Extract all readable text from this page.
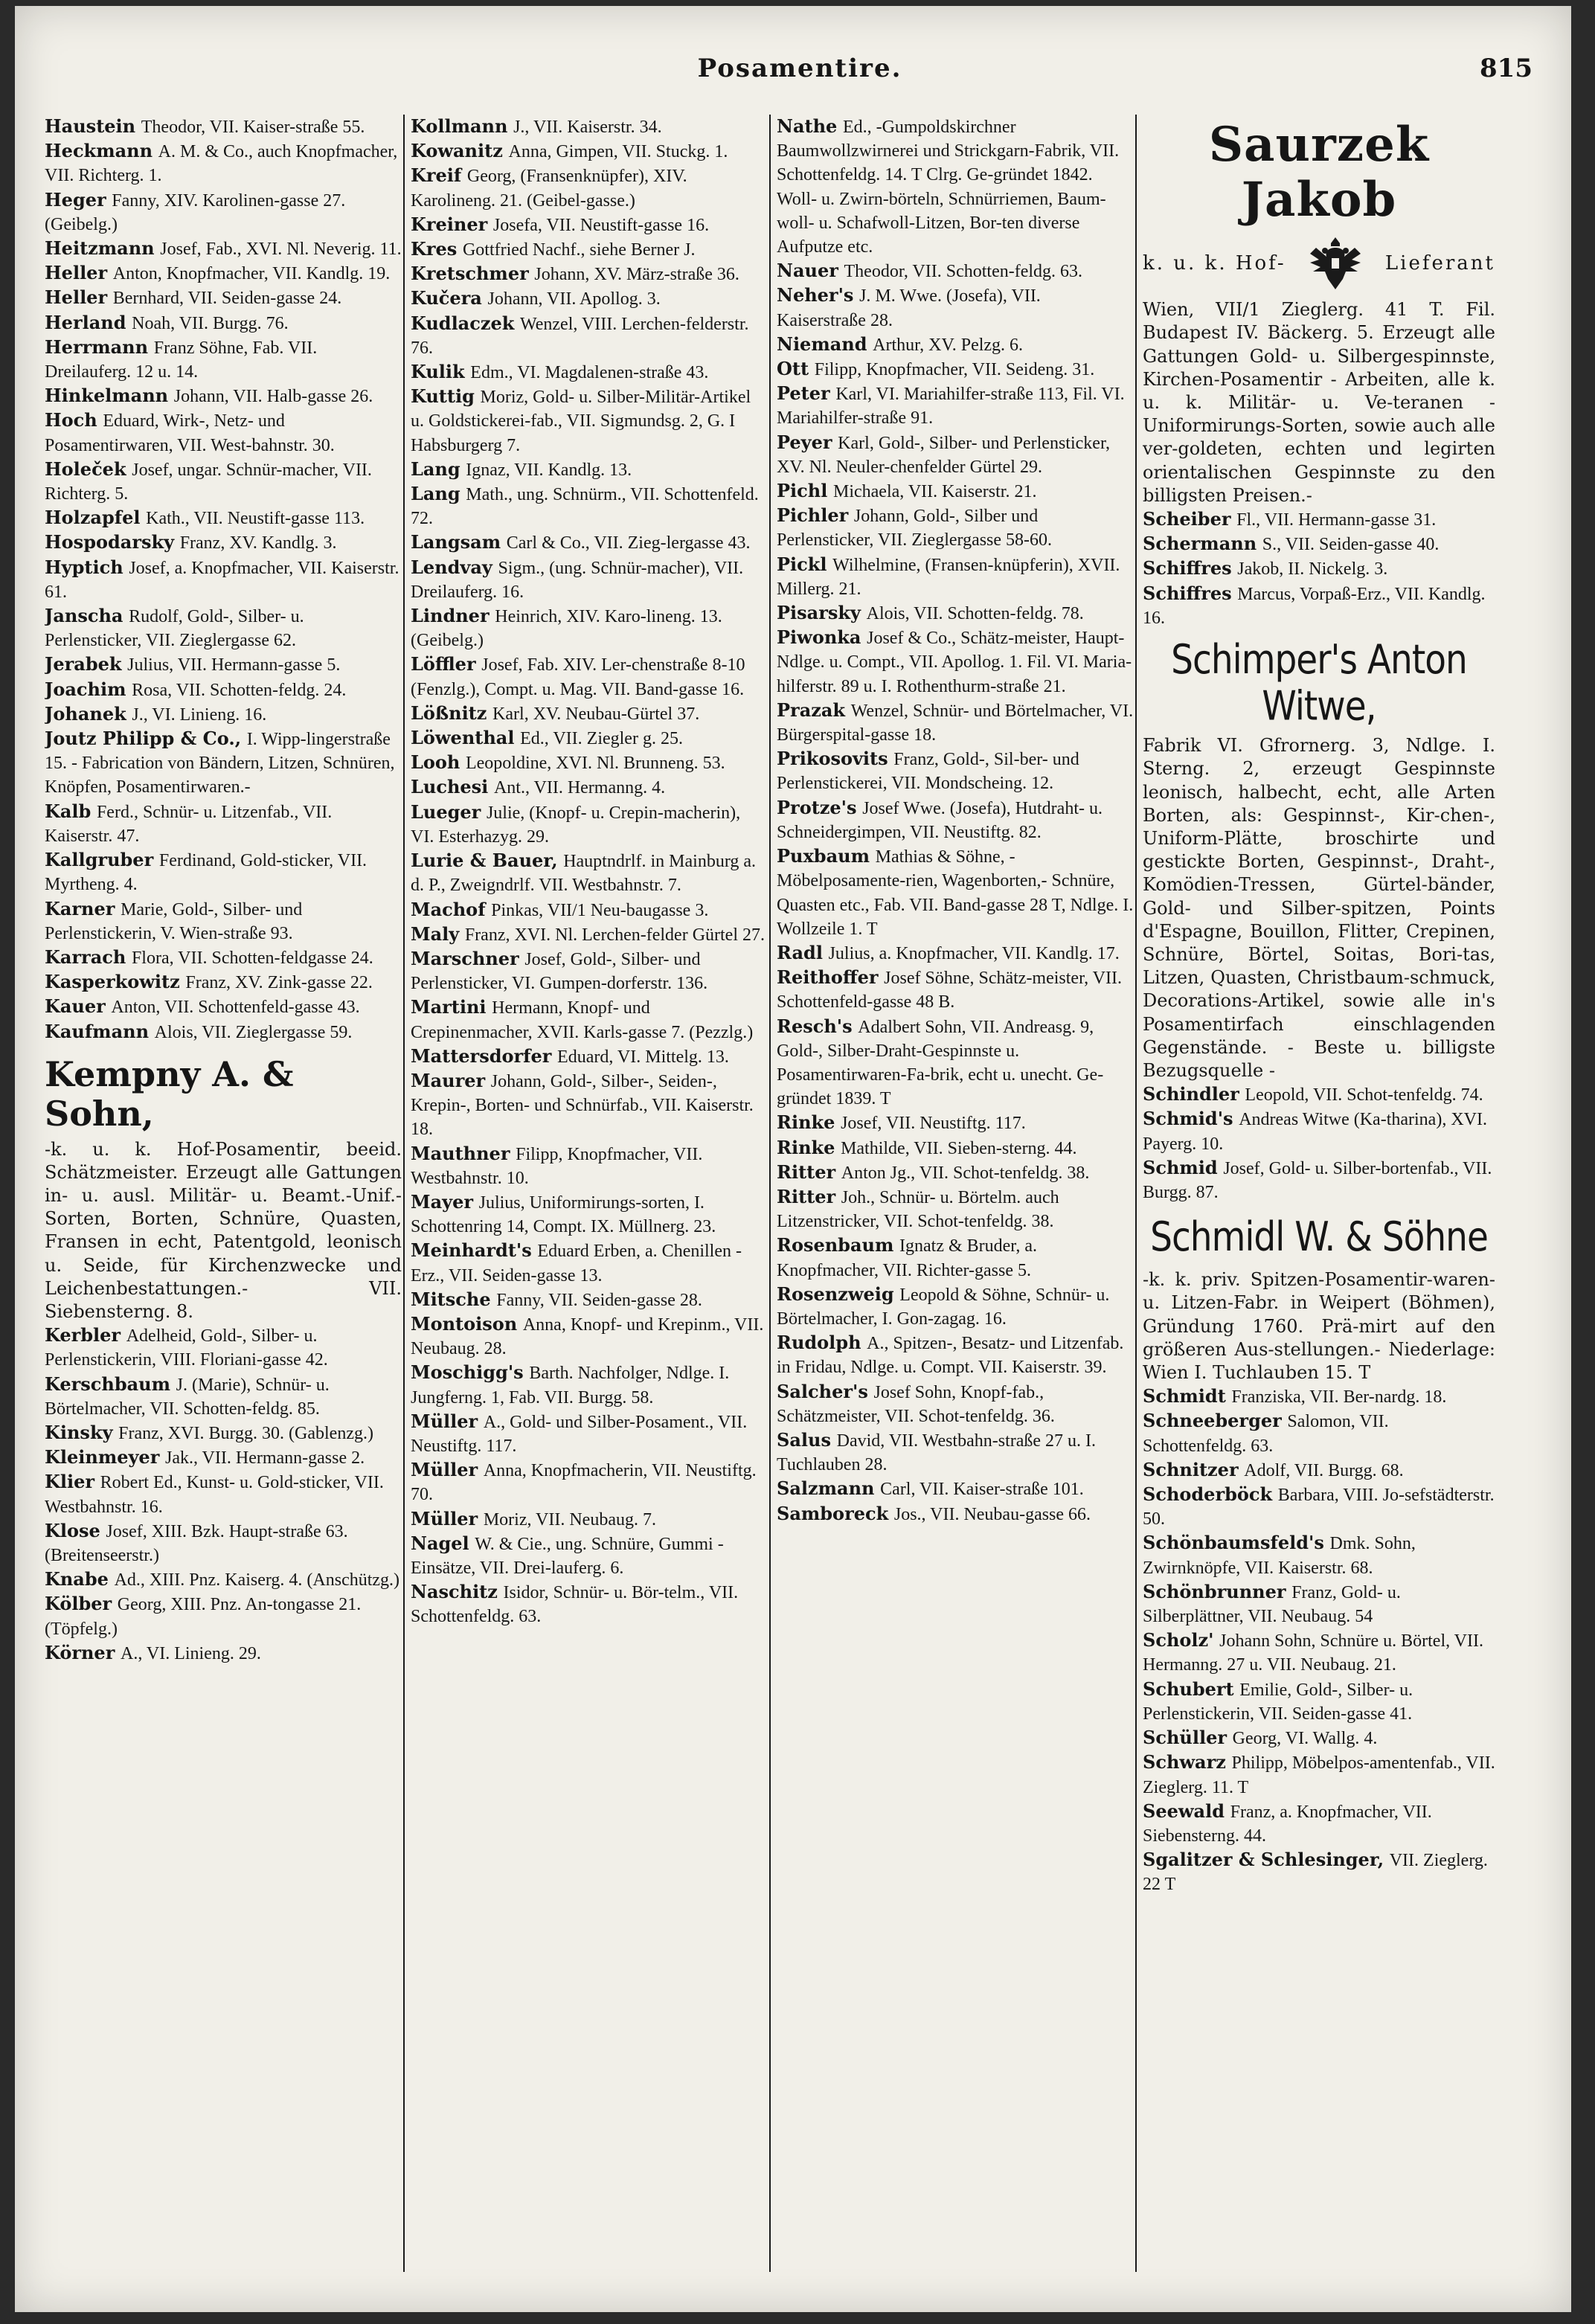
Posamentire.	815
Haustein Theodor, VII. Kaiser-straße 55.
Heckmann A. M. & Co., auch Knopfmacher, VII. Richterg. 1.
Heger Fanny, XIV. Karolinen-gasse 27. (Geibelg.)
Heitzmann Josef, Fab., XVI. Nl. Neverig. 11.
Heller Anton, Knopfmacher, VII. Kandlg. 19.
Heller Bernhard, VII. Seiden-gasse 24.
Herland Noah, VII. Burgg. 76.
Herrmann Franz Söhne, Fab. VII. Dreilauferg. 12 u. 14.
Hinkelmann Johann, VII. Halb-gasse 26.
Hoch Eduard, Wirk-, Netz- und Posamentirwaren, VII. West-bahnstr. 30.
Holeček Josef, ungar. Schnür-macher, VII. Richterg. 5.
Holzapfel Kath., VII. Neustift-gasse 113.
Hospodarsky Franz, XV. Kandlg. 3.
Hyptich Josef, a. Knopfmacher, VII. Kaiserstr. 61.
Janscha Rudolf, Gold-, Silber- u. Perlensticker, VII. Zieglergasse 62.
Jerabek Julius, VII. Hermann-gasse 5.
Joachim Rosa, VII. Schotten-feldg. 24.
Johanek J., VI. Linieng. 16.
Joutz Philipp & Co., I. Wipp-lingerstraße 15. - Fabrication von Bändern, Litzen, Schnüren, Knöpfen, Posamentirwaren.-
Kalb Ferd., Schnür- u. Litzenfab., VII. Kaiserstr. 47.
Kallgruber Ferdinand, Gold-sticker, VII. Myrtheng. 4.
Karner Marie, Gold-, Silber- und Perlenstickerin, V. Wien-straße 93.
Karrach Flora, VII. Schotten-feldgasse 24.
Kasperkowitz Franz, XV. Zink-gasse 22.
Kauer Anton, VII. Schottenfeld-gasse 43.
Kaufmann Alois, VII. Zieglergasse 59.
Kempny A. & Sohn,
-k. u. k. Hof-Posamentir, beeid. Schätzmeister. Erzeugt alle Gattungen in- u. ausl. Militär- u. Beamt.-Unif.-Sorten, Borten, Schnüre, Quasten, Fransen in echt, Patentgold, leonisch u. Seide, für Kirchenzwecke und Leichenbestattungen.- VII. Siebensterng. 8.
Kerbler Adelheid, Gold-, Silber- u. Perlenstickerin, VIII. Floriani-gasse 42.
Kerschbaum J. (Marie), Schnür- u. Börtelmacher, VII. Schotten-feldg. 85.
Kinsky Franz, XVI. Burgg. 30. (Gablenzg.)
Kleinmeyer Jak., VII. Hermann-gasse 2.
Klier Robert Ed., Kunst- u. Gold-sticker, VII. Westbahnstr. 16.
Klose Josef, XIII. Bzk. Haupt-straße 63. (Breitenseerstr.)
Knabe Ad., XIII. Pnz. Kaiserg. 4. (Anschützg.)
Kölber Georg, XIII. Pnz. An-tongasse 21. (Töpfelg.)
Körner A., VI. Linieng. 29.
Kollmann J., VII. Kaiserstr. 34.
Kowanitz Anna, Gimpen, VII. Stuckg. 1.
Kreif Georg, (Fransenknüpfer), XIV. Karolineng. 21. (Geibel-gasse.)
Kreiner Josefa, VII. Neustift-gasse 16.
Kres Gottfried Nachf., siehe Berner J.
Kretschmer Johann, XV. März-straße 36.
Kučera Johann, VII. Apollog. 3.
Kudlaczek Wenzel, VIII. Lerchen-felderstr. 76.
Kulik Edm., VI. Magdalenen-straße 43.
Kuttig Moriz, Gold- u. Silber-Militär-Artikel u. Goldstickerei-fab., VII. Sigmundsg. 2, G. I Habsburgerg 7.
Lang Ignaz, VII. Kandlg. 13.
Lang Math., ung. Schnürm., VII. Schottenfeld. 72.
Langsam Carl & Co., VII. Zieg-lergasse 43.
Lendvay Sigm., (ung. Schnür-macher), VII. Dreilauferg. 16.
Lindner Heinrich, XIV. Karo-lineng. 13. (Geibelg.)
Löffler Josef, Fab. XIV. Ler-chenstraße 8-10 (Fenzlg.), Compt. u. Mag. VII. Band-gasse 16.
Lößnitz Karl, XV. Neubau-Gürtel 37.
Löwenthal Ed., VII. Ziegler g. 25.
Looh Leopoldine, XVI. Nl. Brunneng. 53.
Luchesi Ant., VII. Hermanng. 4.
Lueger Julie, (Knopf- u. Crepin-macherin), VI. Esterhazyg. 29.
Lurie & Bauer, Hauptndrlf. in Mainburg a. d. P., Zweigndrlf. VII. Westbahnstr. 7.
Machof Pinkas, VII/1 Neu-baugasse 3.
Maly Franz, XVI. Nl. Lerchen-felder Gürtel 27.
Marschner Josef, Gold-, Silber- und Perlensticker, VI. Gumpen-dorferstr. 136.
Martini Hermann, Knopf- und Crepinenmacher, XVII. Karls-gasse 7. (Pezzlg.)
Mattersdorfer Eduard, VI. Mittelg. 13.
Maurer Johann, Gold-, Silber-, Seiden-, Krepin-, Borten- und Schnürfab., VII. Kaiserstr. 18.
Mauthner Filipp, Knopfmacher, VII. Westbahnstr. 10.
Mayer Julius, Uniformirungs-sorten, I. Schottenring 14, Compt. IX. Müllnerg. 23.
Meinhardt's Eduard Erben, a. Chenillen - Erz., VII. Seiden-gasse 13.
Mitsche Fanny, VII. Seiden-gasse 28.
Montoison Anna, Knopf- und Krepinm., VII. Neubaug. 28.
Moschigg's Barth. Nachfolger, Ndlge. I. Jungferng. 1, Fab. VII. Burgg. 58.
Müller A., Gold- und Silber-Posament., VII. Neustiftg. 117.
Müller Anna, Knopfmacherin, VII. Neustiftg. 70.
Müller Moriz, VII. Neubaug. 7.
Nagel W. & Cie., ung. Schnüre, Gummi - Einsätze, VII. Drei-lauferg. 6.
Naschitz Isidor, Schnür- u. Bör-telm., VII. Schottenfeldg. 63.
Nathe Ed., -Gumpoldskirchner Baumwollzwirnerei und Strickgarn-Fabrik, VII. Schottenfeldg. 14. T Clrg. Ge-gründet 1842. Woll- u. Zwirn-börteln, Schnürriemen, Baum-woll- u. Schafwoll-Litzen, Bor-ten diverse Aufputze etc.
Nauer Theodor, VII. Schotten-feldg. 63.
Neher's J. M. Wwe. (Josefa), VII. Kaiserstraße 28.
Niemand Arthur, XV. Pelzg. 6.
Ott Filipp, Knopfmacher, VII. Seideng. 31.
Peter Karl, VI. Mariahilfer-straße 113, Fil. VI. Mariahilfer-straße 91.
Peyer Karl, Gold-, Silber- und Perlensticker, XV. Nl. Neuler-chenfelder Gürtel 29.
Pichl Michaela, VII. Kaiserstr. 21.
Pichler Johann, Gold-, Silber und Perlensticker, VII. Zieglergasse 58-60.
Pickl Wilhelmine, (Fransen-knüpferin), XVII. Millerg. 21.
Pisarsky Alois, VII. Schotten-feldg. 78.
Piwonka Josef & Co., Schätz-meister, Haupt-Ndlge. u. Compt., VII. Apollog. 1. Fil. VI. Maria-hilferstr. 89 u. I. Rothenthurm-straße 21.
Prazak Wenzel, Schnür- und Börtelmacher, VI. Bürgerspital-gasse 18.
Prikosovits Franz, Gold-, Sil-ber- und Perlenstickerei, VII. Mondscheing. 12.
Protze's Josef Wwe. (Josefa), Hutdraht- u. Schneidergimpen, VII. Neustiftg. 82.
Puxbaum Mathias & Söhne, -Möbelposamente-rien, Wagenborten,- Schnüre, Quasten etc., Fab. VII. Band-gasse 28 T, Ndlge. I. Wollzeile 1. T
Radl Julius, a. Knopfmacher, VII. Kandlg. 17.
Reithoffer Josef Söhne, Schätz-meister, VII. Schottenfeld-gasse 48 B.
Resch's Adalbert Sohn, VII. Andreasg. 9, Gold-, Silber-Draht-Gespinnste u. Posamentirwaren-Fa-brik, echt u. unecht. Ge-gründet 1839. T
Rinke Josef, VII. Neustiftg. 117.
Rinke Mathilde, VII. Sieben-sterng. 44.
Ritter Anton Jg., VII. Schot-tenfeldg. 38.
Ritter Joh., Schnür- u. Börtelm. auch Litzenstricker, VII. Schot-tenfeldg. 38.
Rosenbaum Ignatz & Bruder, a. Knopfmacher, VII. Richter-gasse 5.
Rosenzweig Leopold & Söhne, Schnür- u. Börtelmacher, I. Gon-zagag. 16.
Rudolph A., Spitzen-, Besatz- und Litzenfab. in Fridau, Ndlge. u. Compt. VII. Kaiserstr. 39.
Salcher's Josef Sohn, Knopf-fab., Schätzmeister, VII. Schot-tenfeldg. 36.
Salus David, VII. Westbahn-straße 27 u. I. Tuchlauben 28.
Salzmann Carl, VII. Kaiser-straße 101.
Samboreck Jos., VII. Neubau-gasse 66.
Saurzek Jakob
k. u. k. Hof-	Lieferant
Wien, VII/1 Zieglerg. 41 T. Fil. Budapest IV. Bäckerg. 5. Erzeugt alle Gattungen Gold- u. Silbergespinnste, Kirchen-Posamentir - Arbeiten, alle k. u. k. Militär- u. Ve-teranen - Uniformirungs-Sorten, sowie auch alle ver-goldeten, echten und legirten orientalischen Gespinnste zu den billigsten Preisen.-
Scheiber Fl., VII. Hermann-gasse 31.
Schermann S., VII. Seiden-gasse 40.
Schiffres Jakob, II. Nickelg. 3.
Schiffres Marcus, Vorpaß-Erz., VII. Kandlg. 16.
Schimper's Anton Witwe,
Fabrik VI. Gfrornerg. 3, Ndlge. I. Sterng. 2, erzeugt Gespinnste leonisch, halbecht, echt, alle Arten Borten, als: Gespinnst-, Kir-chen-, Uniform-Plätte, broschirte und gestickte Borten, Gespinnst-, Draht-, Komödien-Tressen, Gürtel-bänder, Gold- und Silber-spitzen, Points d'Espagne, Bouillon, Flitter, Crepinen, Schnüre, Börtel, Soitas, Bori-tas, Litzen, Quasten, Christbaum-schmuck, Decorations-Artikel, sowie alle in's Posamentirfach einschlagenden Gegenstände. - Beste u. billigste Bezugsquelle -
Schindler Leopold, VII. Schot-tenfeldg. 74.
Schmid's Andreas Witwe (Ka-tharina), XVI. Payerg. 10.
Schmid Josef, Gold- u. Silber-bortenfab., VII. Burgg. 87.
Schmidl W. & Söhne
-k. k. priv. Spitzen-Posamentir-waren- u. Litzen-Fabr. in Weipert (Böhmen), Gründung 1760. Prä-mirt auf den größeren Aus-stellungen.- Niederlage: Wien I. Tuchlauben 15. T
Schmidt Franziska, VII. Ber-nardg. 18.
Schneeberger Salomon, VII. Schottenfeldg. 63.
Schnitzer Adolf, VII. Burgg. 68.
Schoderböck Barbara, VIII. Jo-sefstädterstr. 50.
Schönbaumsfeld's Dmk. Sohn, Zwirnknöpfe, VII. Kaiserstr. 68.
Schönbrunner Franz, Gold- u. Silberplättner, VII. Neubaug. 54
Scholz' Johann Sohn, Schnüre u. Börtel, VII. Hermanng. 27 u. VII. Neubaug. 21.
Schubert Emilie, Gold-, Silber- u. Perlenstickerin, VII. Seiden-gasse 41.
Schüller Georg, VI. Wallg. 4.
Schwarz Philipp, Möbelpos-amentenfab., VII. Zieglerg. 11. T
Seewald Franz, a. Knopfmacher, VII. Siebensterng. 44.
Sgalitzer & Schlesinger, VII. Zieglerg. 22 T
